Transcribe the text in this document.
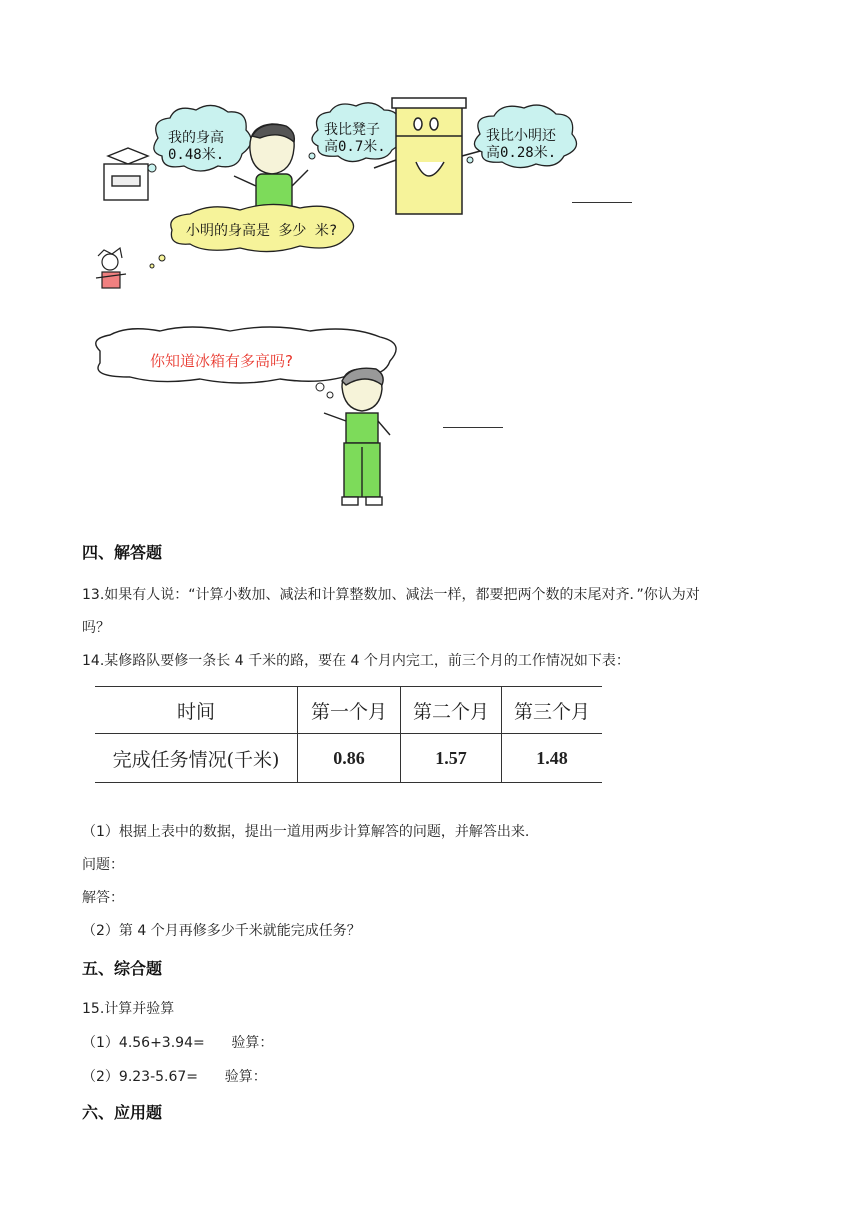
我的身高
0.48米.
我比凳子
高0.7米.
我比小明还
高0.28米.
小明的身高是 多少 米?
你知道冰箱有多高吗?
四、解答题
13.如果有人说：“计算小数加、减法和计算整数加、减法一样，都要把两个数的末尾对齐．”你认为对
吗？
14.某修路队要修一条长 4 千米的路，要在 4 个月内完工，前三个月的工作情况如下表：
时间	第一个月	第二个月	第三个月
完成任务情况(千米)	0.86	1.57	1.48
（1）根据上表中的数据，提出一道用两步计算解答的问题，并解答出来.
问题：
解答：
（2）第 4 个月再修多少千米就能完成任务？
五、综合题
15.计算并验算
（1）4.56+3.94=      验算：
（2）9.23-5.67=      验算：
六、应用题
